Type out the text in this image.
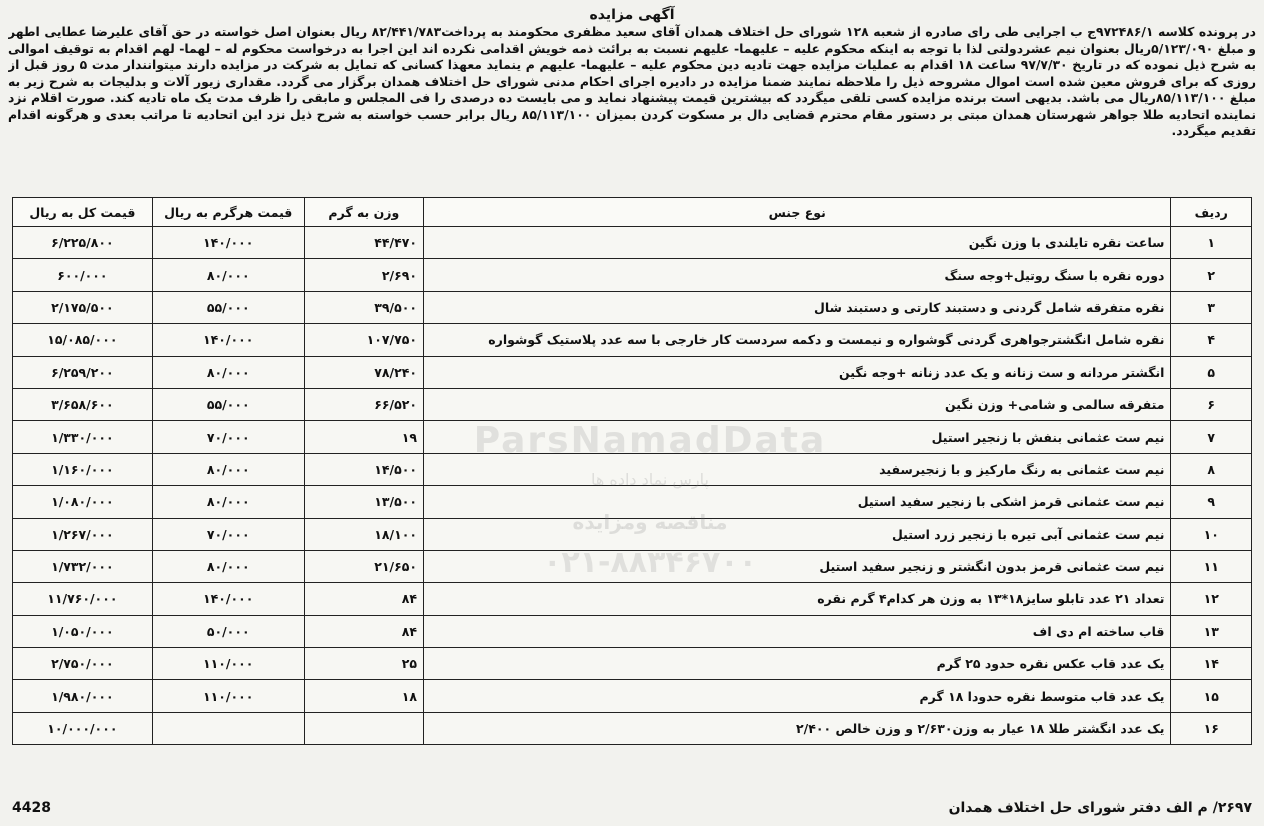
آگهی مزایده
در پرونده کلاسه ۹۷۲۴۸۶/۱ج ب اجرایی طی رای صادره از شعبه ۱۲۸ شورای حل اختلاف همدان آقای سعید مظفری محکومند به پرداخت۸۲/۴۴۱/۷۸۳ ریال بعنوان اصل خواسته در حق آقای علیرضا عطایی اطهر و مبلغ ۵/۱۲۳/۰۹۰ریال بعنوان نیم عشردولتی لذا با توجه به اینکه محکوم علیه – علیهما- علیهم نسبت به برائت ذمه خویش اقدامی نکرده اند این اجرا به درخواست محکوم له – لهما- لهم اقدام به توقیف اموالی به شرح ذیل نموده که در تاریخ ۹۷/۷/۳۰ ساعت ۱۸ اقدام به عملیات مزایده جهت تادیه دین محکوم علیه – علیهما- علیهم م ینماید معهذا کسانی که تمایل به شرکت در مزایده دارند میتوانندار مدت ۵ روز قبل از روزی که برای فروش معین شده است اموال مشروحه ذیل را ملاحظه نمایند ضمنا مزایده در دادیره اجرای احکام مدنی شورای حل اختلاف همدان برگزار می گردد. مقداری زیور آلات و بدلیجات به شرح زیر به مبلغ ۸۵/۱۱۳/۱۰۰ریال می باشد. بدیهی است برنده مزایده کسی تلقی میگردد که بیشترین قیمت پیشنهاد نماید و می بایست ده درصدی را فی المجلس و مابقی را ظرف مدت یک ماه تادیه کند. صورت اقلام نزد نماینده اتحادیه طلا جواهر شهرستان همدان مبتی بر دستور مقام محترم قضایی دال بر مسکوت کردن بمیزان ۸۵/۱۱۳/۱۰۰ ریال برابر حسب خواسته به شرح ذیل نزد این اتحادیه تا مراتب بعدی و هرگونه اقدام تقدیم میگردد.
ردیف	نوع جنس	وزن به گرم	قیمت هرگرم به ریال	قیمت کل به ریال
۱	ساعت نقره تایلندی با وزن نگین	۴۴/۴۷۰	۱۴۰/۰۰۰	۶/۲۲۵/۸۰۰
۲	دوره نقره با سنگ روتیل+وجه سنگ	۲/۶۹۰	۸۰/۰۰۰	۶۰۰/۰۰۰
۳	نقره متفرقه شامل گردنی و دستبند کارتی و دستبند شال	۳۹/۵۰۰	۵۵/۰۰۰	۲/۱۷۵/۵۰۰
۴	نقره شامل انگشترجواهری گردنی گوشواره و نیمست و دکمه سردست کار خارجی با سه عدد پلاستیک گوشواره	۱۰۷/۷۵۰	۱۴۰/۰۰۰	۱۵/۰۸۵/۰۰۰
۵	انگشتر مردانه و ست زنانه و یک عدد زنانه +وجه نگین	۷۸/۲۴۰	۸۰/۰۰۰	۶/۲۵۹/۲۰۰
۶	متفرقه سالمی و شامی+ وزن نگین	۶۶/۵۲۰	۵۵/۰۰۰	۳/۶۵۸/۶۰۰
۷	نیم ست عثمانی بنفش با زنجیر استیل	۱۹	۷۰/۰۰۰	۱/۳۳۰/۰۰۰
۸	نیم ست عثمانی به رنگ مارکیز و با زنجیرسفید	۱۴/۵۰۰	۸۰/۰۰۰	۱/۱۶۰/۰۰۰
۹	نیم ست عثمانی قرمز اشکی با زنجیر سفید استیل	۱۳/۵۰۰	۸۰/۰۰۰	۱/۰۸۰/۰۰۰
۱۰	نیم ست عثمانی آبی تیره با زنجیر زرد استیل	۱۸/۱۰۰	۷۰/۰۰۰	۱/۲۶۷/۰۰۰
۱۱	نیم ست عثمانی قرمز بدون انگشتر و زنجیر سفید استیل	۲۱/۶۵۰	۸۰/۰۰۰	۱/۷۳۲/۰۰۰
۱۲	تعداد ۲۱ عدد تابلو سایز۱۸*۱۳ به وزن هر کدام۴ گرم نقره	۸۴	۱۴۰/۰۰۰	۱۱/۷۶۰/۰۰۰
۱۳	قاب ساخته ام دی اف	۸۴	۵۰/۰۰۰	۱/۰۵۰/۰۰۰
۱۴	یک عدد قاب عکس نقره حدود ۲۵ گرم	۲۵	۱۱۰/۰۰۰	۲/۷۵۰/۰۰۰
۱۵	یک عدد قاب متوسط نقره حدودا ۱۸ گرم	۱۸	۱۱۰/۰۰۰	۱/۹۸۰/۰۰۰
۱۶	یک عدد انگشتر طلا ۱۸ عیار به وزن۲/۶۳۰ و وزن خالص ۲/۴۰۰			۱۰/۰۰۰/۰۰۰
پارس نماد داده ها
مناقصه ومزایده
۲۶۹۷/ م الف دفتر شورای حل اختلاف همدان
4428
